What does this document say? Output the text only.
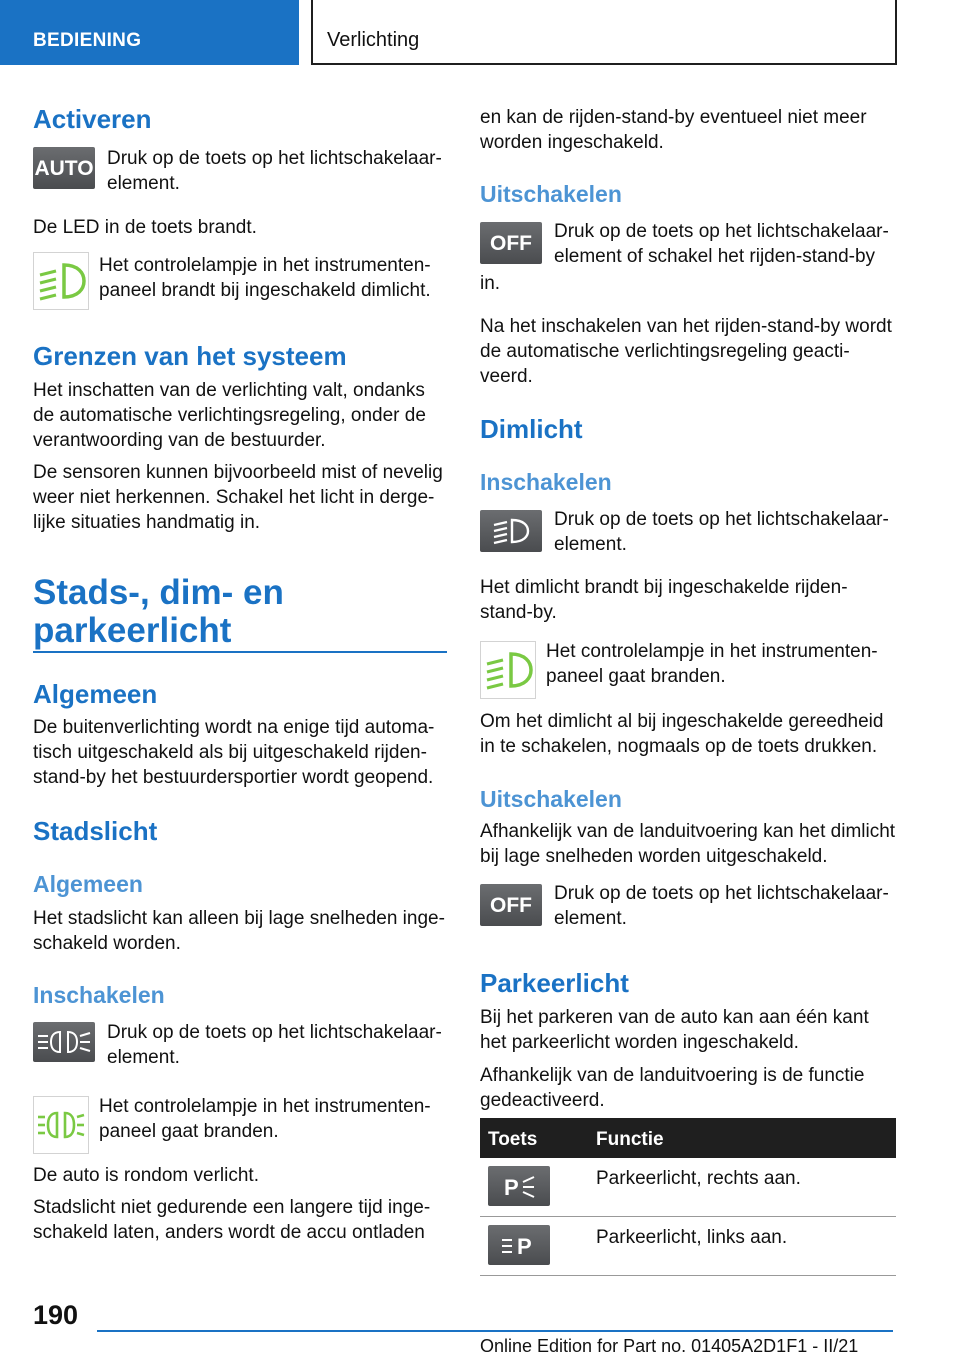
BEDIENING	Verlichting
Activeren
AUTO Druk op de toets op het lichtschakelaar-
element.
De LED in de toets brandt.
Het controlelampje in het instrumenten-
paneel brandt bij ingeschakeld dimlicht.
Grenzen van het systeem
Het inschatten van de verlichting valt, ondanks
de automatische verlichtingsregeling, onder de
verantwoording van de bestuurder.
De sensoren kunnen bijvoorbeeld mist of nevelig
weer niet herkennen. Schakel het licht in derge-
lijke situaties handmatig in.
Stads-, dim- en
parkeerlicht
Algemeen
De buitenverlichting wordt na enige tijd automa-
tisch uitgeschakeld als bij uitgeschakeld rijden-
stand-by het bestuurdersportier wordt geopend.
Stadslicht
Algemeen
Het stadslicht kan alleen bij lage snelheden inge-
schakeld worden.
Inschakelen
Druk op de toets op het lichtschakelaar-
element.
Het controlelampje in het instrumenten-
paneel gaat branden.
De auto is rondom verlicht.
Stadslicht niet gedurende een langere tijd inge-
schakeld laten, anders wordt de accu ontladen
en kan de rijden-stand-by eventueel niet meer
worden ingeschakeld.
Uitschakelen
OFF
Druk op de toets op het lichtschakelaar-
element of schakel het rijden-stand-by
in.
Na het inschakelen van het rijden-stand-by wordt
de automatische verlichtingsregeling geacti-
veerd.
Dimlicht
Inschakelen
Druk op de toets op het lichtschakelaar-
element.
Het dimlicht brandt bij ingeschakelde rijden-
stand-by.
Het controlelampje in het instrumenten-
paneel gaat branden.
Om het dimlicht al bij ingeschakelde gereedheid
in te schakelen, nogmaals op de toets drukken.
Uitschakelen
Afhankelijk van de landuitvoering kan het dimlicht
bij lage snelheden worden uitgeschakeld.
OFF
Druk op de toets op het lichtschakelaar-
element.
Parkeerlicht
Bij het parkeren van de auto kan aan één kant
het parkeerlicht worden ingeschakeld.
Afhankelijk van de landuitvoering is de functie
gedeactiveerd.
Toets	Functie
P	Parkeerlicht, rechts aan.
P	Parkeerlicht, links aan.
190
Online Edition for Part no. 01405A2D1F1 - II/21
